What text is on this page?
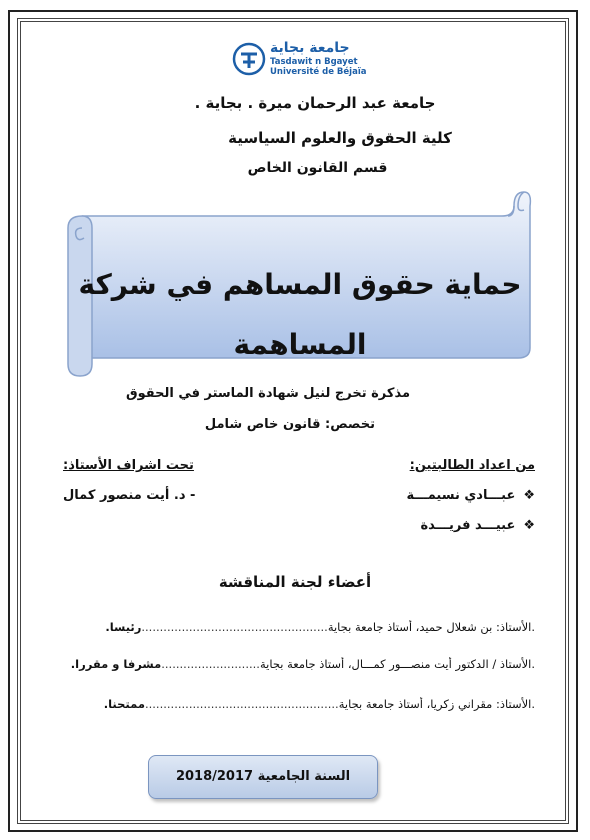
جامعة بجاية
Tasdawit n Bgayet
Université de Béjaïa
جامعة عبد الرحمان ميرة . بجاية .
كلية الحقوق والعلوم السياسية
قسم القانون الخاص
حماية حقوق المساهم في شركة
المساهمة
مذكرة تخرج لنيل شهادة الماستر في الحقوق
تخصص: قانون خاص شامل
من اعداد الطالبتين:
تحت اشراف الأستاذ:
- د. أيت منصور كمال	❖عبـــادي نسيمـــة
❖عبيـــد فريـــدة
أعضاء لجنة المناقشة
.الأستاذ: بن شعلال حميد، أستاذ جامعة بجاية...................................................رئيسا.
.الأستاذ / الدكتور أيت منصـــور كمـــال، أستاذ جامعة بجاية...........................مشرفا و مقررا.
.الأستاذ: مقراني زكريا، أستاذ جامعة بجاية.....................................................ممتحنا.
السنة الجامعية 2018/2017
